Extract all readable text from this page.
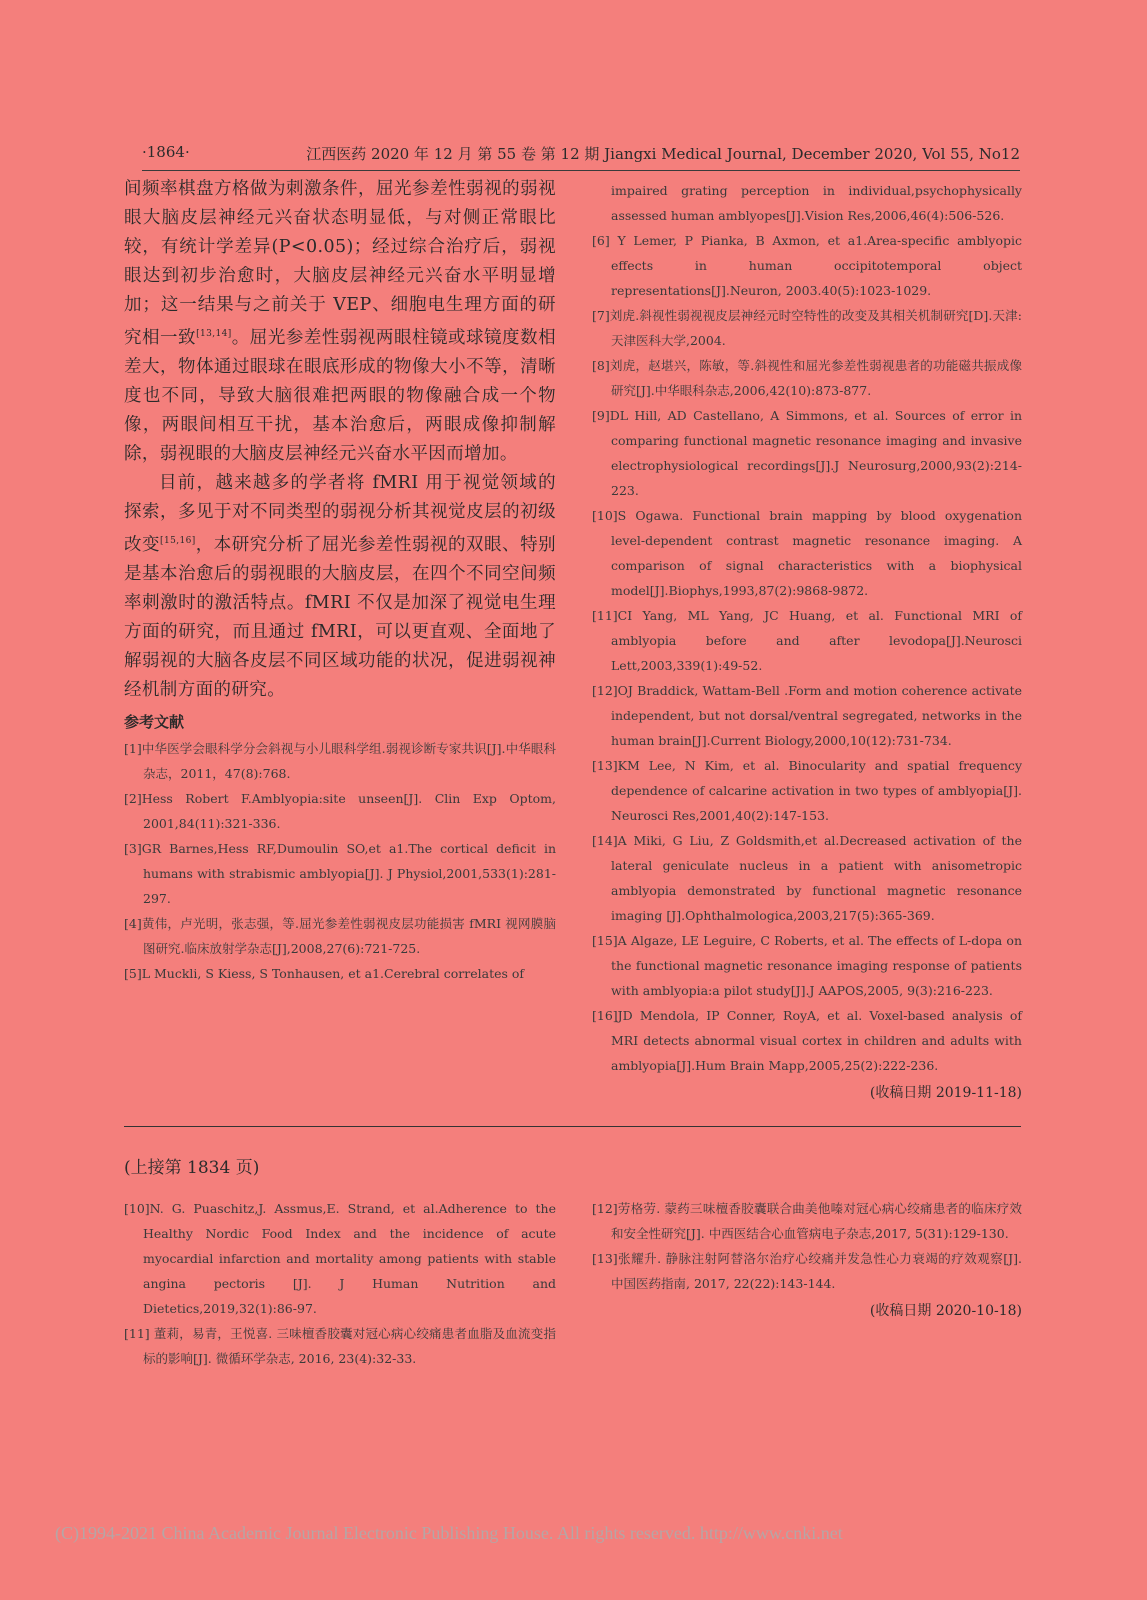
·1864·	江西医药 2020 年 12 月 第 55 卷 第 12 期 Jiangxi Medical Journal, December 2020, Vol 55, No12

间频率棋盘方格做为刺激条件，屈光参差性弱视的弱视眼大脑皮层神经元兴奋状态明显低，与对侧正常眼比较，有统计学差异(P<0.05)；经过综合治疗后，弱视眼达到初步治愈时，大脑皮层神经元兴奋水平明显增加；这一结果与之前关于 VEP、细胞电生理方面的研究相一致[13,14]。屈光参差性弱视两眼柱镜或球镜度数相差大，物体通过眼球在眼底形成的物像大小不等，清晰度也不同，导致大脑很难把两眼的物像融合成一个物像，两眼间相互干扰，基本治愈后，两眼成像抑制解除，弱视眼的大脑皮层神经元兴奋水平因而增加。

目前，越来越多的学者将 fMRI 用于视觉领域的探索，多见于对不同类型的弱视分析其视觉皮层的初级改变[15,16]，本研究分析了屈光参差性弱视的双眼、特别是基本治愈后的弱视眼的大脑皮层，在四个不同空间频率刺激时的激活特点。fMRI 不仅是加深了视觉电生理方面的研究，而且通过 fMRI，可以更直观、全面地了解弱视的大脑各皮层不同区域功能的状况，促进弱视神经机制方面的研究。

参考文献

[1]中华医学会眼科学分会斜视与小儿眼科学组.弱视诊断专家共识[J].中华眼科杂志，2011，47(8):768.

[2]Hess Robert F.Amblyopia:site unseen[J]. Clin Exp Optom, 2001,84(11):321-336.

[3]GR Barnes,Hess RF,Dumoulin SO,et a1.The cortical deficit in humans with strabismic amblyopia[J]. J Physiol,2001,533(1):281-297.

[4]黄伟，卢光明，张志强，等.屈光参差性弱视皮层功能损害 fMRI 视网膜脑图研究.临床放射学杂志[J],2008,27(6):721-725.

[5]L Muckli, S Kiess, S Tonhausen, et a1.Cerebral correlates of

impaired grating perception in individual,psychophysically assessed human amblyopes[J].Vision Res,2006,46(4):506-526.

[6] Y Lemer, P Pianka, B Axmon, et a1.Area-specific amblyopic effects in human occipitotemporal object representations[J].Neuron, 2003.40(5):1023-1029.

[7]刘虎.斜视性弱视视皮层神经元时空特性的改变及其相关机制研究[D].天津:天津医科大学,2004.

[8]刘虎，赵堪兴，陈敏，等.斜视性和屈光参差性弱视患者的功能磁共振成像研究[J].中华眼科杂志,2006,42(10):873-877.

[9]DL Hill, AD Castellano, A Simmons, et al. Sources of error in comparing functional magnetic resonance imaging and invasive electrophysiological recordings[J].J Neurosurg,2000,93(2):214-223.

[10]S Ogawa. Functional brain mapping by blood oxygenation level-dependent contrast magnetic resonance imaging. A comparison of signal characteristics with a biophysical model[J].Biophys,1993,87(2):9868-9872.

[11]CI Yang, ML Yang, JC Huang, et al. Functional MRI of amblyopia before and after levodopa[J].Neurosci Lett,2003,339(1):49-52.

[12]OJ Braddick, Wattam-Bell .Form and motion coherence activate independent, but not dorsal/ventral segregated, networks in the human brain[J].Current Biology,2000,10(12):731-734.

[13]KM Lee, N Kim, et al. Binocularity and spatial frequency dependence of calcarine activation in two types of amblyopia[J]. Neurosci Res,2001,40(2):147-153.

[14]A Miki, G Liu, Z Goldsmith,et al.Decreased activation of the lateral geniculate nucleus in a patient with anisometropic amblyopia demonstrated by functional magnetic resonance imaging [J].Ophthalmologica,2003,217(5):365-369.

[15]A Algaze, LE Leguire, C Roberts, et al. The effects of L-dopa on the functional magnetic resonance imaging response of patients with amblyopia:a pilot study[J].J AAPOS,2005, 9(3):216-223.

[16]JD Mendola, IP Conner, RoyA, et al. Voxel-based analysis of MRI detects abnormal visual cortex in children and adults with amblyopia[J].Hum Brain Mapp,2005,25(2):222-236.

(收稿日期 2019-11-18)

(上接第 1834 页)

[10]N. G. Puaschitz,J. Assmus,E. Strand, et al.Adherence to the Healthy Nordic Food Index and the incidence of acute myocardial infarction and mortality among patients with stable angina pectoris [J]. J Human Nutrition and Dietetics,2019,32(1):86-97.

[11] 董莉，易青，王悦喜. 三味檀香胶囊对冠心病心绞痛患者血脂及血流变指标的影响[J]. 微循环学杂志, 2016, 23(4):32-33.

[12]劳格劳. 蒙药三味檀香胶囊联合曲美他嗪对冠心病心绞痛患者的临床疗效和安全性研究[J]. 中西医结合心血管病电子杂志,2017, 5(31):129-130.

[13]张耀升. 静脉注射阿替洛尔治疗心绞痛并发急性心力衰竭的疗效观察[J]. 中国医药指南, 2017, 22(22):143-144.

(收稿日期 2020-10-18)

(C)1994-2021 China Academic Journal Electronic Publishing House. All rights reserved. http://www.cnki.net
